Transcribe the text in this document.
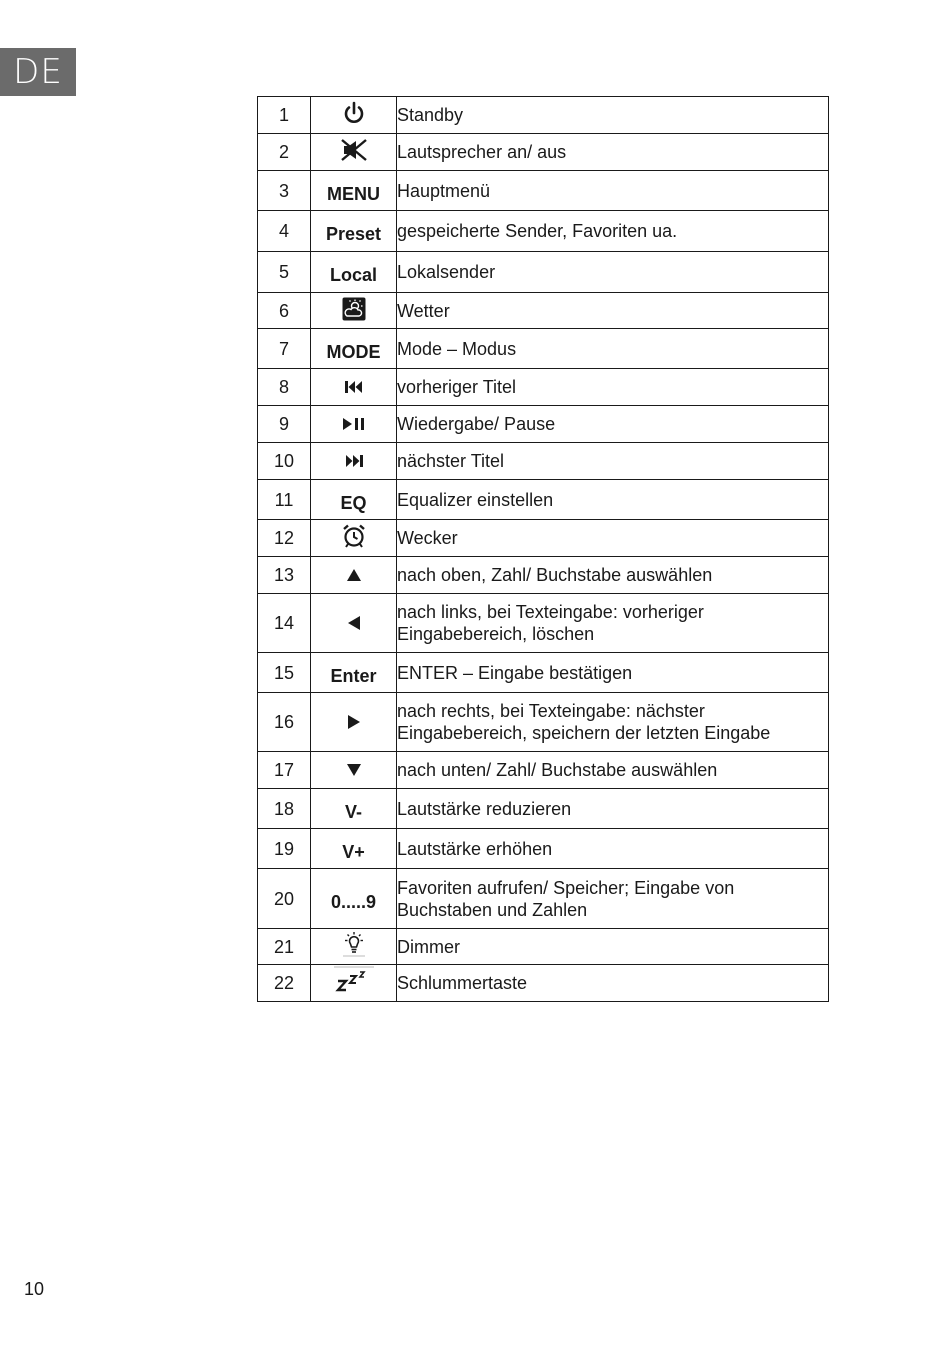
DE
1		Standby
2		Lautsprecher an/ aus
3	MENU	Hauptmenü
4	Preset	gespeicherte Sender, Favoriten ua.
5	Local	Lokalsender
6		Wetter
7	MODE	Mode – Modus
8		vorheriger Titel
9		Wiedergabe/ Pause
10		nächster Titel
11	EQ	Equalizer einstellen
12		Wecker
13		nach oben, Zahl/ Buchstabe auswählen
14		nach links, bei Texteingabe: vorheriger
Eingabebereich, löschen

15	Enter	ENTER – Eingabe bestätigen
16		nach rechts, bei Texteingabe: nächster
Eingabebereich, speichern der letzten Eingabe

17		nach unten/ Zahl/ Buchstabe auswählen
18	V-	Lautstärke reduzieren
19	V+	Lautstärke erhöhen
20	0.....9	Favoriten aufrufen/ Speicher; Eingabe von
Buchstaben und Zahlen

21		Dimmer
22		Schlummertaste
10
